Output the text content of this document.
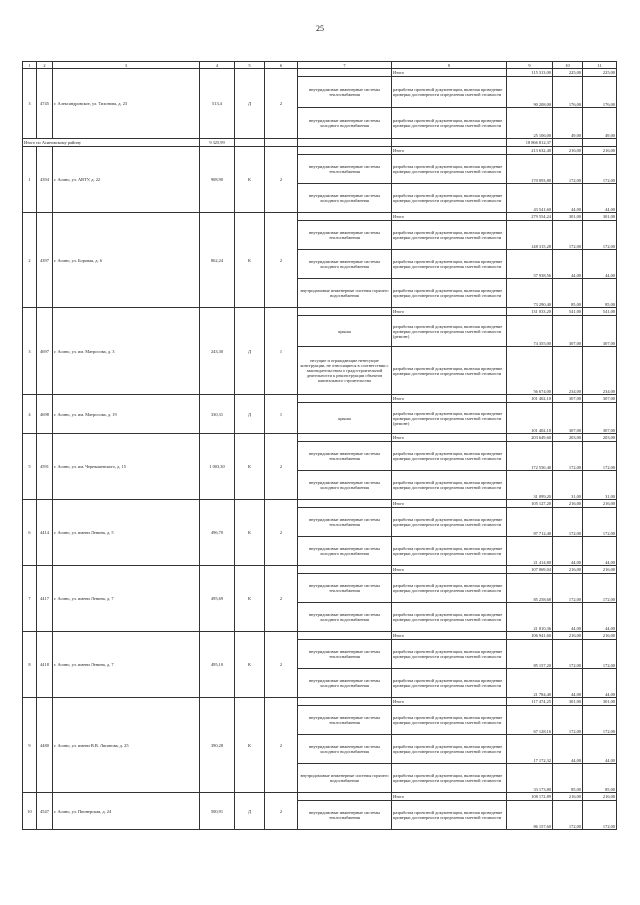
25
1	2	3	4	5	6	7	8	9	10	11
3	4745	г. Александровское, ул. Тихонова, д. 23	513,4	Д	2		Итого	115 313,00	225,00	225,00
						внутридомовые инженерные системы теплоснабжения	разработка проектной документации, включая проведение проверки достоверности определения сметной стоимости	90 208,00	176,00	176,00
						внутридомовые инженерные системы холодного водоснабжения	разработка проектной документации, включая проведение проверки достоверности определения сметной стоимости	25 106,00	49,00	49,00
Итого по Асиновскому району			9 325,99					18 866 812,37		
1	4394	г. Асино, ул. АВТУ, д. 22	908,90	К	2		Итого	213 632,40	216,00	216,00
						внутридомовые инженерные системы теплоснабжения	разработка проектной документации, включая проведение проверки достоверности определения сметной стоимости	170 093,80	172,00	172,00
						внутридомовые инженерные системы холодного водоснабжения	разработка проектной документации, включая проведение проверки достоверности определения сметной стоимости	43 541,60	44,00	44,00
2	4397	г. Асино, ул. Боровая, д. 6	862,24	К	2		Итого	279 554,24	301,00	301,00
						внутридомовые инженерные системы теплоснабжения	разработка проектной документации, включая проведение проверки достоверности определения сметной стоимости	148 315,28	172,00	172,00
						внутридомовые инженерные системы холодного водоснабжения	разработка проектной документации, включая проведение проверки достоверности определения сметной стоимости	57 938,56	44,00	44,00
						внутридомовые инженерные системы горячего водоснабжения	разработка проектной документации, включая проведение проверки достоверности определения сметной стоимости	73 290,40	85,00	85,00
3	4697	г. Асино, ул. им. Матросова, д. 3	243,30	Д	1		Итого	131 033,20	541,00	541,00
						крыша	разработка проектной документации, включая проведение проверки достоверности определения сметной стоимости (ремонт)	74 355,00	307,00	307,00
						несущие и ограждающие ненесущие конструкции, не относящиеся в соответствии с законодательством о градостроительной деятельности к реконструкции объектов капитального строительства	разработка проектной документации, включая проведение проверки достоверности определения сметной стоимости	56 674,00	234,00	234,00
4	4698	г. Асино, ул. им. Матросова, д. 19	330,31	Д	1		Итого	101 402,10	307,00	307,00
						крыша	разработка проектной документации, включая проведение проверки достоверности определения сметной стоимости (ремонт)	101 402,10	307,00	307,00
5	4591	г. Асино, ул. им. Чернышевского, д. 15	1 003,30	К	2		Итого	203 649,60	203,00	203,00
						внутридомовые инженерные системы теплоснабжения	разработка проектной документации, включая проведение проверки достоверности определения сметной стоимости	172 550,40	172,00	172,00
						внутридомовые инженерные системы холодного водоснабжения	разработка проектной документации, включая проведение проверки достоверности определения сметной стоимости	31 099,20	31,00	31,00
6	4414	г. Асино, ул. имени Ленина, д. 5	496,70	К	2		Итого	105 127,20	216,00	216,00
						внутридомовые инженерные системы теплоснабжения	разработка проектной документации, включая проведение проверки достоверности определения сметной стоимости	87 712,40	172,00	172,00
						внутридомовые инженерные системы холодного водоснабжения	разработка проектной документации, включая проведение проверки достоверности определения сметной стоимости	21 414,80	44,00	44,00
7	4417	г. Асино, ул. имени Ленина, д. 7	495,69	К	2		Итого	107 069,04	216,00	216,00
						внутридомовые инженерные системы теплоснабжения	разработка проектной документации, включая проведение проверки достоверности определения сметной стоимости	85 258,68	172,00	172,00
						внутридомовые инженерные системы холодного водоснабжения	разработка проектной документации, включая проведение проверки достоверности определения сметной стоимости	21 810,36	44,00	44,00
8	4418	г. Асино, ул. имени Ленина, д. 7	495,10	К	2		Итого	106 941,60	216,00	216,00
						внутридомовые инженерные системы теплоснабжения	разработка проектной документации, включая проведение проверки достоверности определения сметной стоимости	85 157,20	172,00	172,00
						внутридомовые инженерные системы холодного водоснабжения	разработка проектной документации, включая проведение проверки достоверности определения сметной стоимости	21 784,40	44,00	44,00
9	4480	г. Асино, ул. имени В.В. Липатова, д. 25	390,28	К	2		Итого	117 474,25	301,00	301,00
						внутридомовые инженерные системы теплоснабжения	разработка проектной документации, включая проведение проверки достоверности определения сметной стоимости	67 128,16	172,00	172,00
						внутридомовые инженерные системы холодного водоснабжения	разработка проектной документации, включая проведение проверки достоверности определения сметной стоимости	17 172,32	44,00	44,00
						внутридомовые инженерные системы горячего водоснабжения	разработка проектной документации, включая проведение проверки достоверности определения сметной стоимости	33 173,80	85,00	85,00
10	4547	г. Асино, ул. Пионерская, д. 24	500,91	Д	2		Итого	108 172,89	216,00	216,00
						внутридомовые инженерные системы теплоснабжения	разработка проектной документации, включая проведение проверки достоверности определения сметной стоимости	86 157,60	172,00	172,00
